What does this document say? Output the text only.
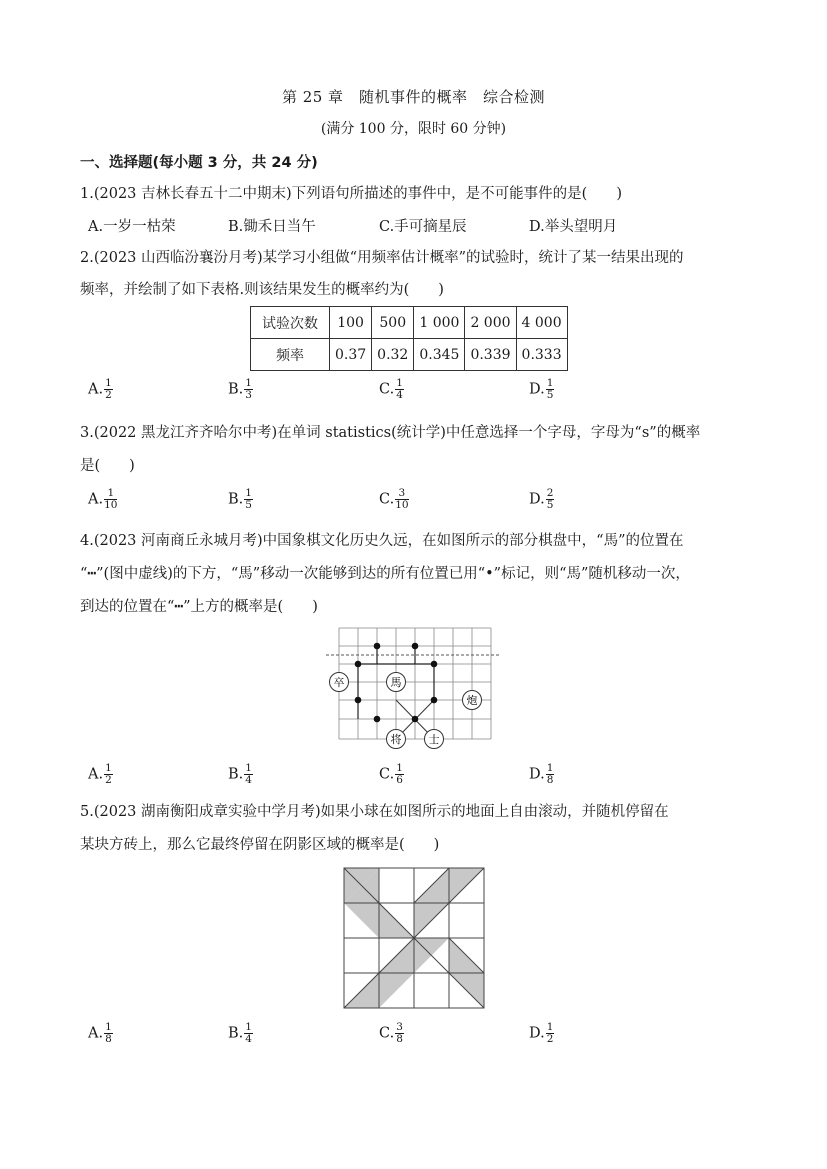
第 25 章　随机事件的概率　综合检测
(满分 100 分，限时 60 分钟)
一、选择题(每小题 3 分，共 24 分)
1.(2023 吉林长春五十二中期末)下列语句所描述的事件中，是不可能事件的是(　　)
A.一岁一枯荣	B.锄禾日当午	C.手可摘星辰	D.举头望明月
2.(2023 山西临汾襄汾月考)某学习小组做“用频率估计概率”的试验时，统计了某一结果出现的
频率，并绘制了如下表格.则该结果发生的概率约为(　　)
试验次数	100	500	1 000	2 000	4 000
频率	0.37	0.32	0.345	0.339	0.333
A. $\frac{1}{2}$	B. $\frac{1}{3}$	C. $\frac{1}{4}$	D. $\frac{1}{5}$
3.(2022 黑龙江齐齐哈尔中考)在单词 statistics(统计学)中任意选择一个字母，字母为“s”的概率
是(　　)
A. $\frac{1}{10}$	B. $\frac{1}{5}$	C. $\frac{3}{10}$	D. $\frac{2}{5}$
4.(2023 河南商丘永城月考)中国象棋文化历史久远，在如图所示的部分棋盘中，“馬”的位置在
“┅”(图中虚线)的下方，“馬”移动一次能够到达的所有位置已用“•”标记，则“馬”随机移动一次，
到达的位置在“┅”上方的概率是(　　)
卒	馬
炮
将 士
A. $\frac{1}{2}$	B. $\frac{1}{4}$	C. $\frac{1}{6}$	D. $\frac{1}{8}$
5.(2023 湖南衡阳成章实验中学月考)如果小球在如图所示的地面上自由滚动，并随机停留在
某块方砖上，那么它最终停留在阴影区域的概率是(　　)
A. $\frac{1}{8}$	B. $\frac{1}{4}$	C. $\frac{3}{8}$	D. $\frac{1}{2}$
